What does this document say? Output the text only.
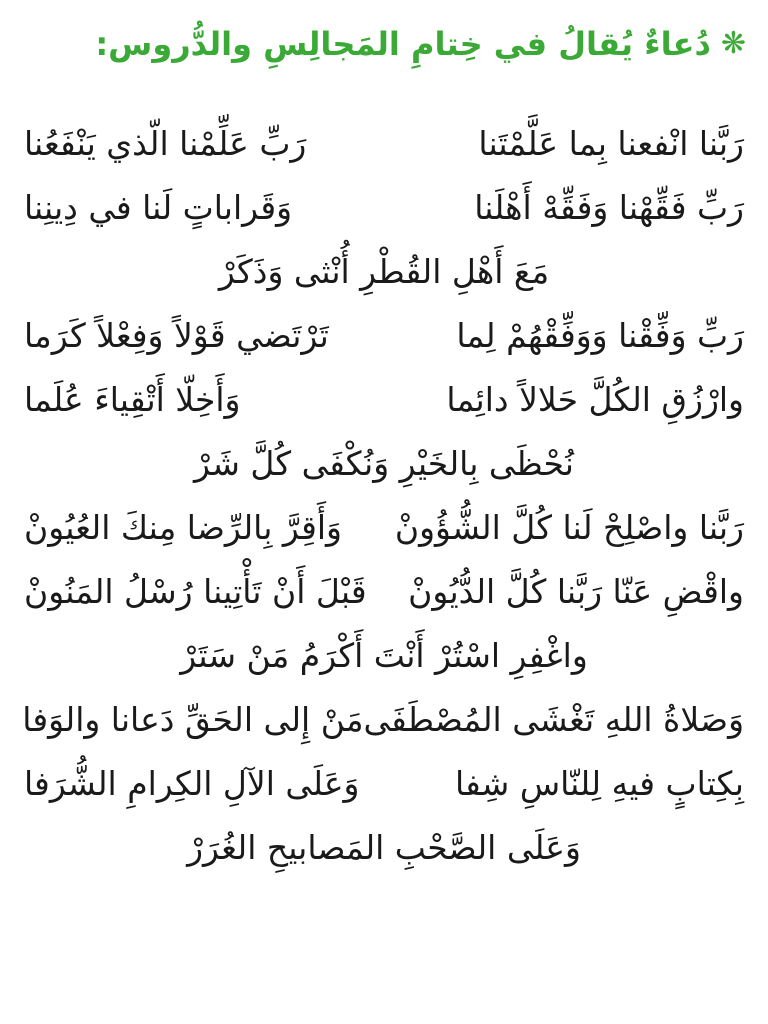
❋
دُعاءٌ يُقالُ في خِتامِ المَجالِسِ والدُّروس:
رَبَّنا انْفعنا بِما عَلَّمْتَنا
رَبِّ عَلِّمْنا الّذي يَنْفَعُنا
رَبِّ فَقِّهْنا وَفَقِّهْ أَهْلَنا
وَقَراباتٍ لَنا في دِينِنا
مَعَ أَهْلِ القُطْرِ أُنْثى وَذَكَرْ
رَبِّ وَفِّقْنا وَوَفِّقْهُمْ لِما
تَرْتَضي قَوْلاً وَفِعْلاً كَرَما
وارْزُقِ الكُلَّ حَلالاً دائِما
وَأَخِلّا أَتْقِياءَ عُلَما
نُحْظَى بِالخَيْرِ وَنُكْفَى كُلَّ شَرْ
رَبَّنا واصْلِحْ لَنا كُلَّ الشُّؤُونْ
وَأَقِرَّ بِالرِّضا مِنكَ العُيُونْ
واقْضِ عَنّا رَبَّنا كُلَّ الدُّيُونْ
قَبْلَ أَنْ تَأْتِينا رُسْلُ المَنُونْ
واغْفِرِ اسْتُرْ أَنْتَ أَكْرَمُ مَنْ سَتَرْ
وَصَلاةُ اللهِ تَغْشَى المُصْطَفَى
مَنْ إِلى الحَقِّ دَعانا والوَفا
بِكِتابٍ فيهِ لِلنّاسِ شِفا
وَعَلَى الآلِ الكِرامِ الشُّرَفا
وَعَلَى الصَّحْبِ المَصابيحِ الغُرَرْ
